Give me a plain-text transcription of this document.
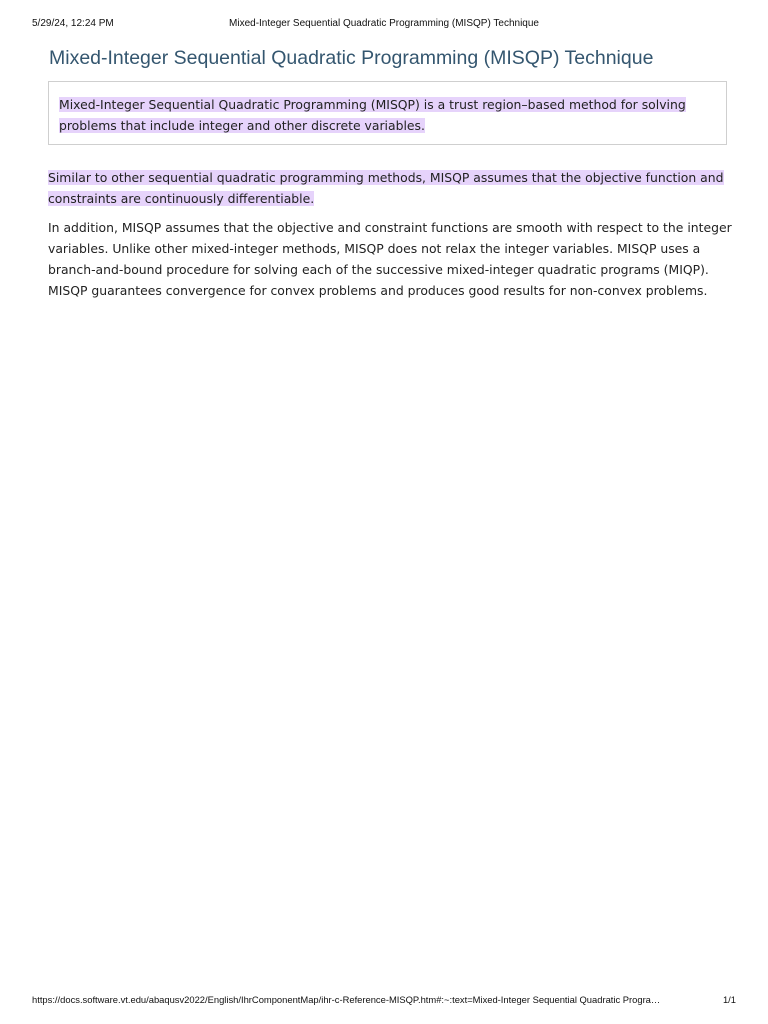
5/29/24, 12:24 PM	Mixed-Integer Sequential Quadratic Programming (MISQP) Technique
Mixed-Integer Sequential Quadratic Programming (MISQP) Technique

Mixed-Integer Sequential Quadratic Programming (MISQP) is a trust region–based method for solving problems that include integer and other discrete variables.

Similar to other sequential quadratic programming methods, MISQP assumes that the objective function and constraints are continuously differentiable.

In addition, MISQP assumes that the objective and constraint functions are smooth with respect to the integer variables. Unlike other mixed-integer methods, MISQP does not relax the integer variables. MISQP uses a branch-and-bound procedure for solving each of the successive mixed-integer quadratic programs (MIQP). MISQP guarantees convergence for convex problems and produces good results for non-convex problems.

https://docs.software.vt.edu/abaqusv2022/English/IhrComponentMap/ihr-c-Reference-MISQP.htm#:~:text=Mixed-Integer Sequential Quadratic Progra…	1/1
